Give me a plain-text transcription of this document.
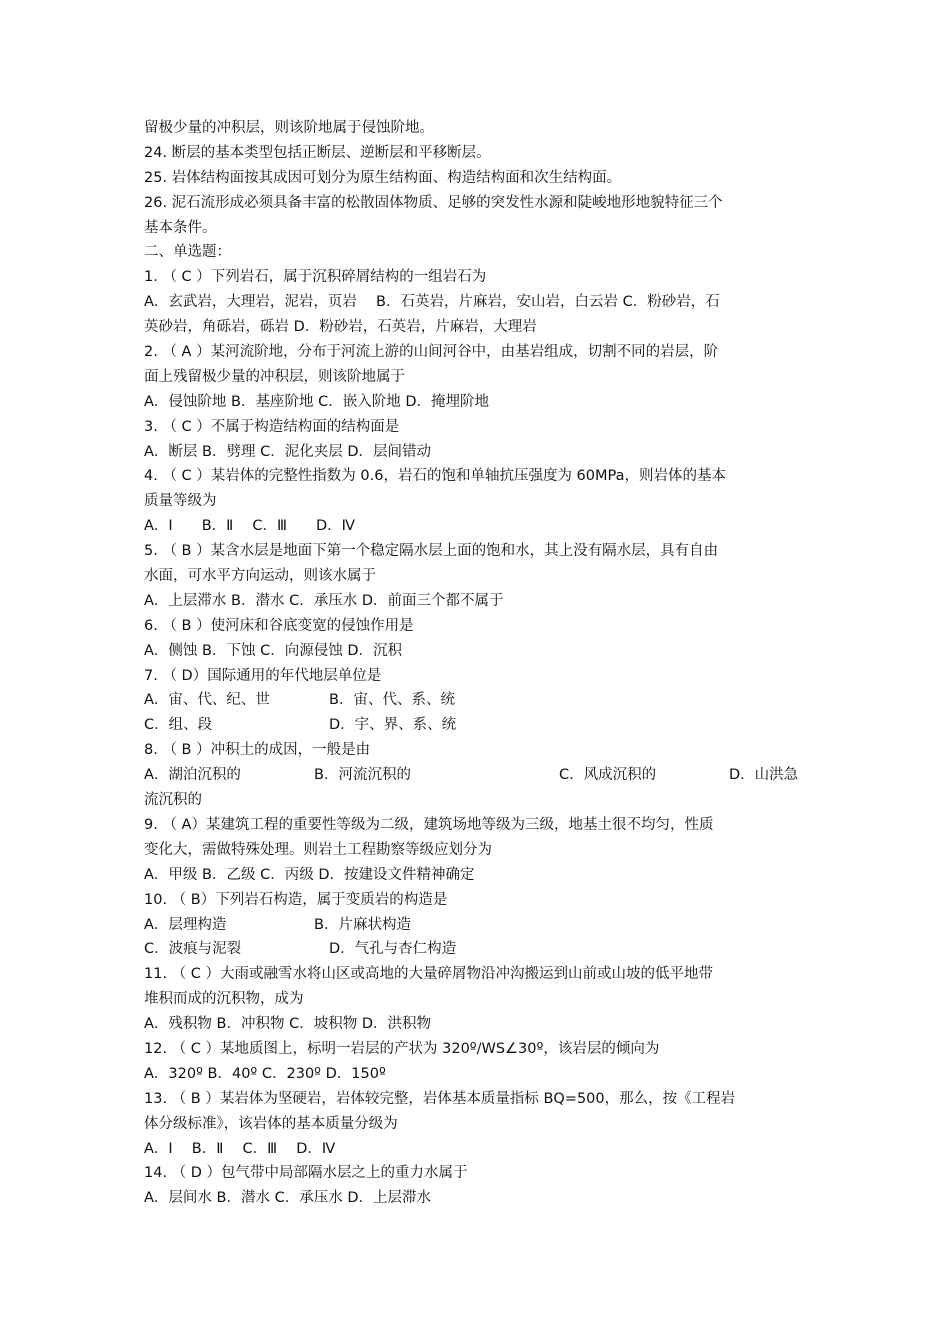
留极少量的冲积层，则该阶地属于侵蚀阶地。
24. 断层的基本类型包括正断层、逆断层和平移断层。
25. 岩体结构面按其成因可划分为原生结构面、构造结构面和次生结构面。
26. 泥石流形成必须具备丰富的松散固体物质、足够的突发性水源和陡峻地形地貌特征三个
基本条件。
二、单选题：
1. （ C ）下列岩石，属于沉积碎屑结构的一组岩石为
A．玄武岩，大理岩，泥岩，页岩　 B．石英岩，片麻岩，安山岩，白云岩 C．粉砂岩，石
英砂岩，角砾岩，砾岩 D．粉砂岩，石英岩，片麻岩，大理岩
2. （ A ）某河流阶地，分布于河流上游的山间河谷中，由基岩组成，切割不同的岩层，阶
面上残留极少量的冲积层，则该阶地属于
A．侵蚀阶地 B．基座阶地 C．嵌入阶地 D．掩埋阶地
3. （ C ）不属于构造结构面的结构面是
A．断层 B．劈理 C．泥化夹层 D．层间错动
4. （ C ）某岩体的完整性指数为 0.6，岩石的饱和单轴抗压强度为 60MPa，则岩体的基本
质量等级为
A．Ⅰ　　B．Ⅱ　 C．Ⅲ　　D．Ⅳ
5. （ B ）某含水层是地面下第一个稳定隔水层上面的饱和水，其上没有隔水层，具有自由
水面，可水平方向运动，则该水属于
A．上层滞水 B．潜水 C．承压水 D．前面三个都不属于
6. （ B ）使河床和谷底变宽的侵蚀作用是
A．侧蚀 B．下蚀 C．向源侵蚀 D．沉积
7. （ D）国际通用的年代地层单位是
A．宙、代、纪、世	B．宙、代、系、统
C．组、段	D．宇、界、系、统
8. （ B ）冲积土的成因，一般是由
A．湖泊沉积的	B．河流沉积的	C．风成沉积的	D．山洪急
流沉积的
9. （ A）某建筑工程的重要性等级为二级，建筑场地等级为三级，地基土很不均匀，性质
变化大，需做特殊处理。则岩土工程勘察等级应划分为
A．甲级 B．乙级 C．丙级 D．按建设文件精神确定
10. （ B）下列岩石构造，属于变质岩的构造是
A．层理构造	B．片麻状构造
C．波痕与泥裂	D．气孔与杏仁构造
11. （ C ）大雨或融雪水将山区或高地的大量碎屑物沿冲沟搬运到山前或山坡的低平地带
堆积而成的沉积物，成为
A．残积物 B．冲积物 C．坡积物 D．洪积物
12. （ C ）某地质图上，标明一岩层的产状为 320º/WS∠30º，该岩层的倾向为
A．320º B．40º C．230º D．150º
13. （ B ）某岩体为坚硬岩，岩体较完整，岩体基本质量指标 BQ=500，那么，按《工程岩
体分级标准》，该岩体的基本质量分级为
A．Ⅰ　 B．Ⅱ　 C．Ⅲ　 D．Ⅳ
14. （ D ）包气带中局部隔水层之上的重力水属于
A．层间水 B．潜水 C．承压水 D．上层滞水
